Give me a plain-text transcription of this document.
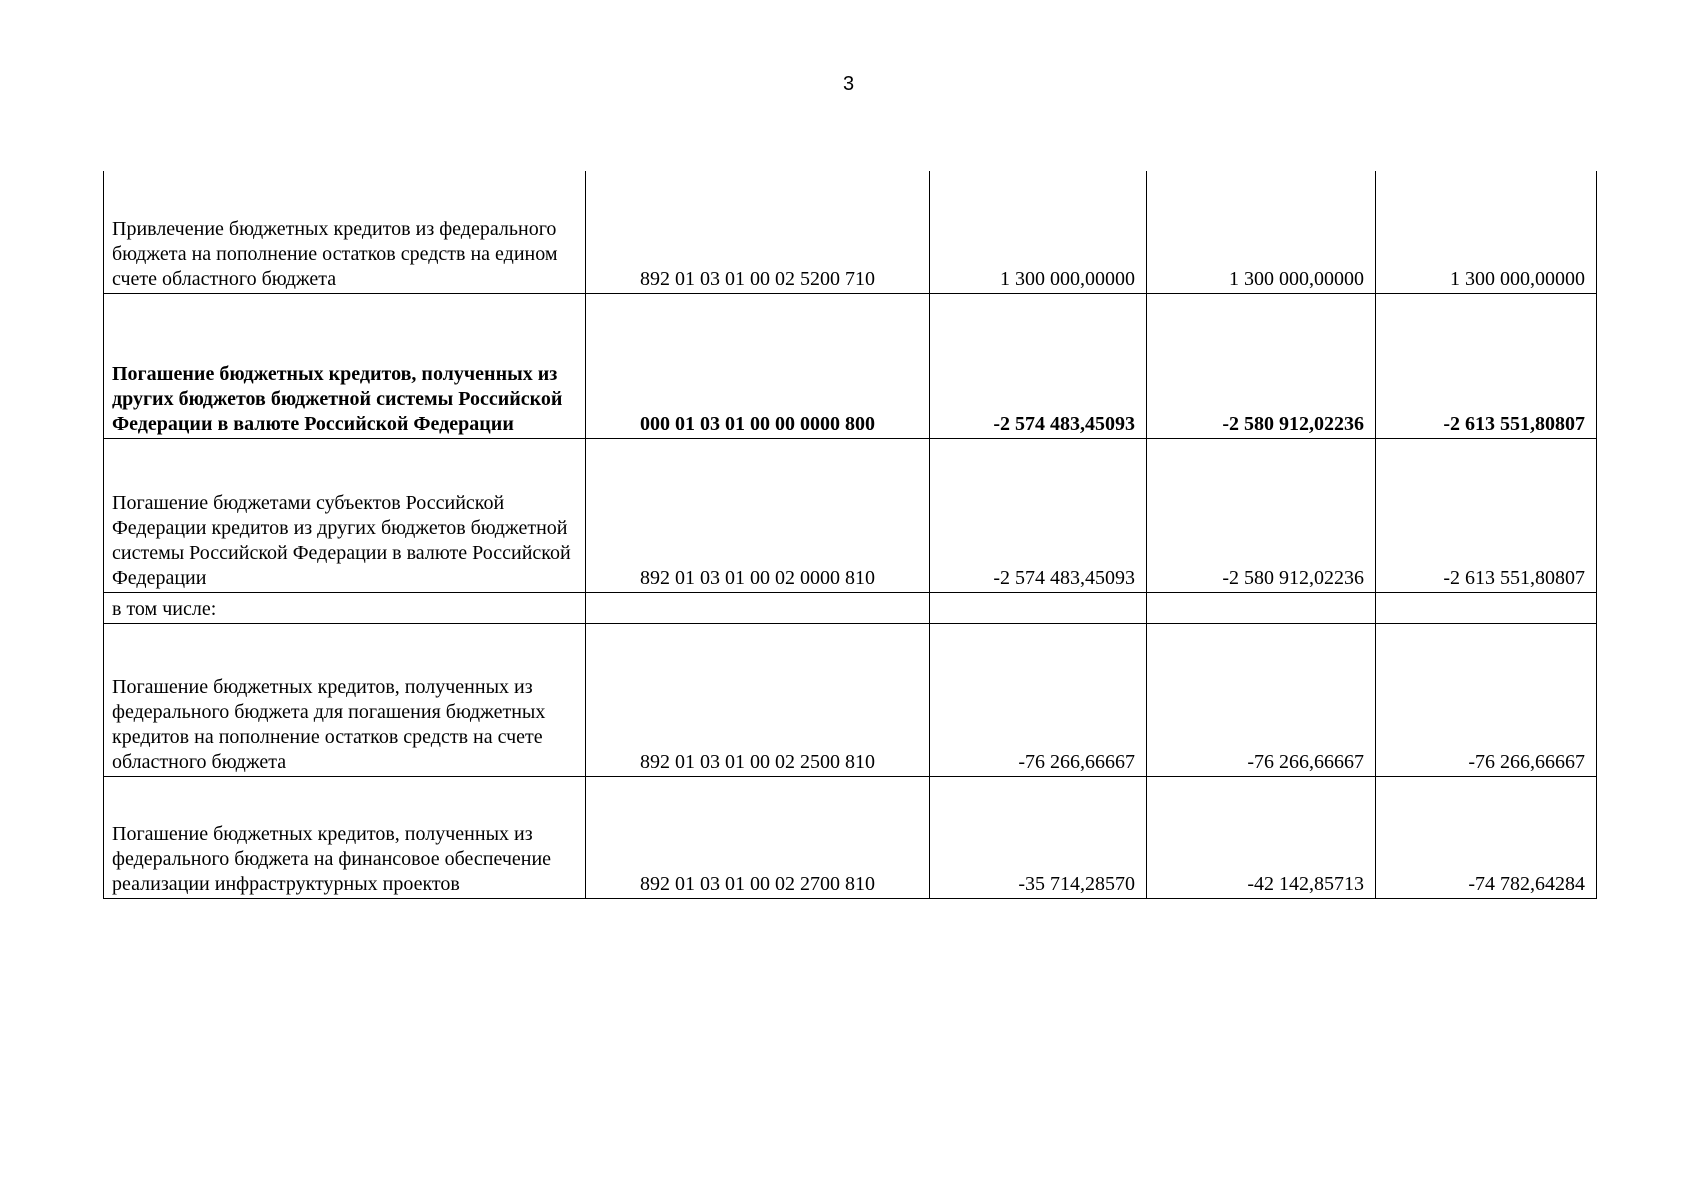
3
Привлечение бюджетных кредитов из федерального бюджета на пополнение остатков средств на едином счете областного бюджета	892 01 03 01 00 02 5200 710	1 300 000,00000	1 300 000,00000	1 300 000,00000
Погашение бюджетных кредитов, полученных из других бюджетов бюджетной системы Российской Федерации в валюте Российской Федерации	000 01 03 01 00 00 0000 800	-2 574 483,45093	-2 580 912,02236	-2 613 551,80807
Погашение бюджетами субъектов Российской Федерации кредитов из других бюджетов бюджетной системы Российской Федерации в валюте Российской Федерации	892 01 03 01 00 02 0000 810	-2 574 483,45093	-2 580 912,02236	-2 613 551,80807
в том числе:				
Погашение бюджетных кредитов, полученных из федерального бюджета для погашения бюджетных кредитов на пополнение остатков средств на счете областного бюджета	892 01 03 01 00 02 2500 810	-76 266,66667	-76 266,66667	-76 266,66667
Погашение бюджетных кредитов, полученных из федерального бюджета на финансовое обеспечение реализации инфраструктурных проектов	892 01 03 01 00 02 2700 810	-35 714,28570	-42 142,85713	-74 782,64284
